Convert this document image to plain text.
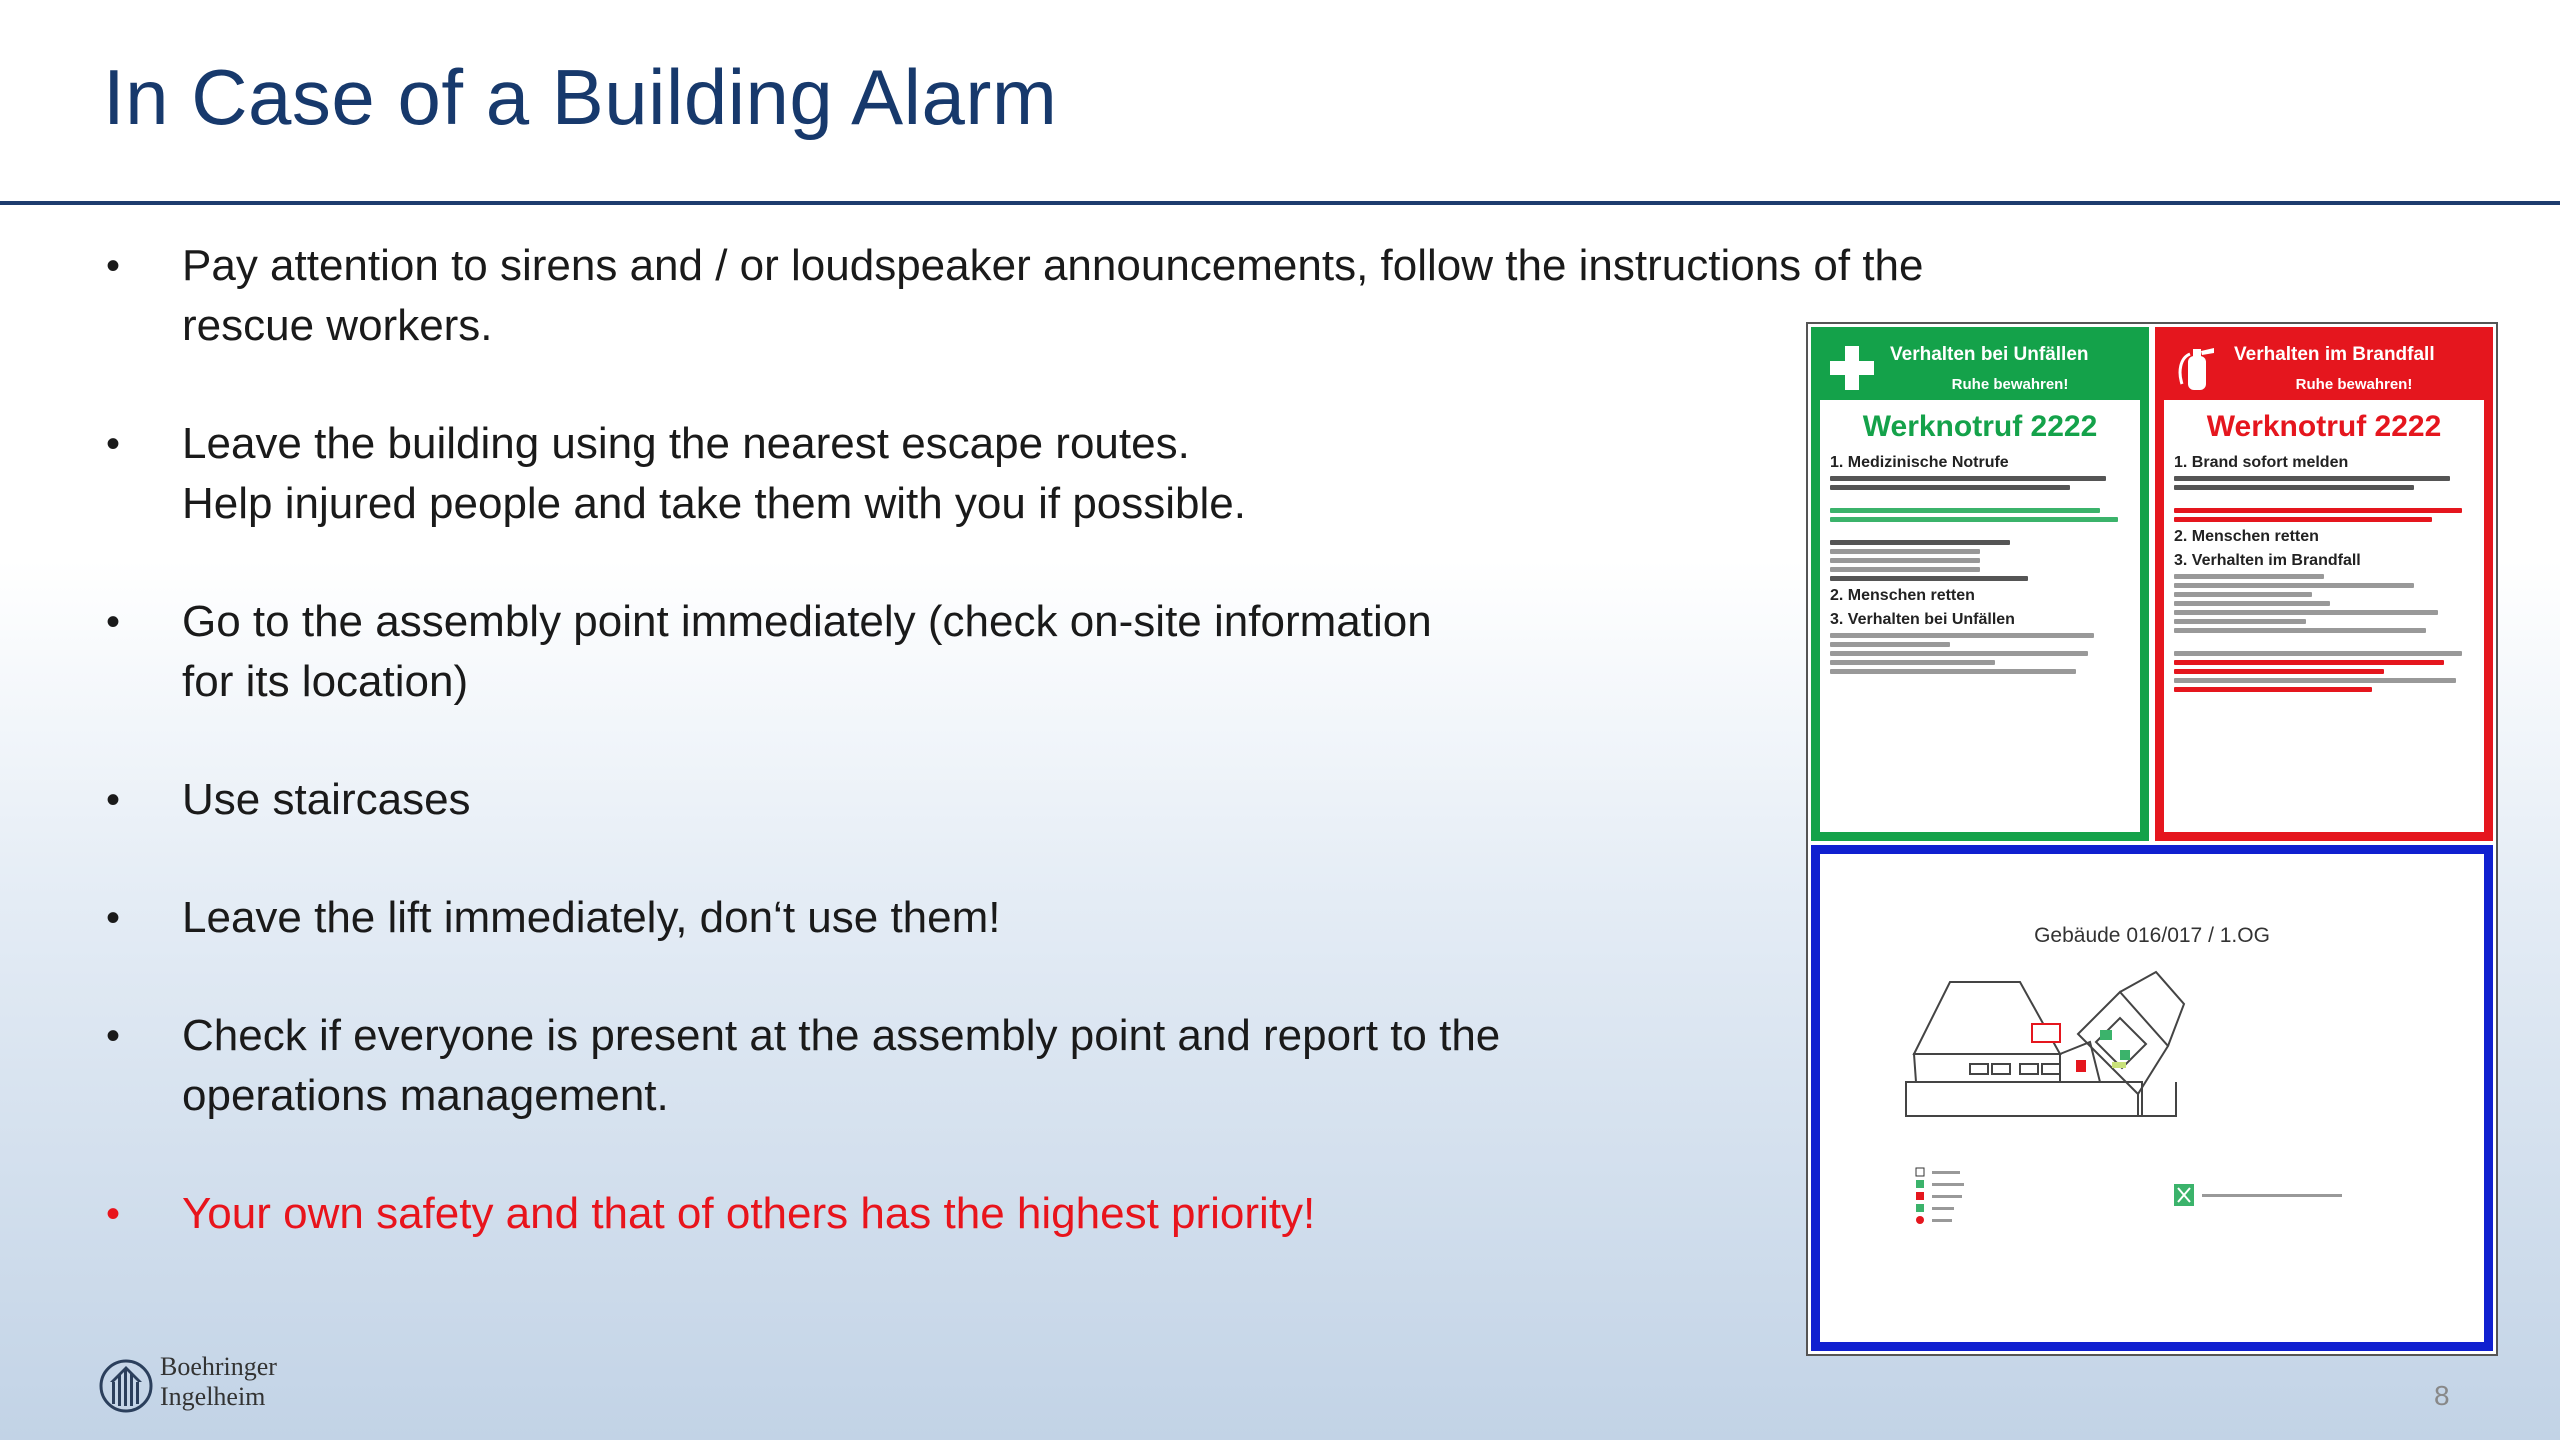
In Case of a Building Alarm
• Pay attention to sirens and / or loudspeaker announcements, follow the instructions of the
rescue workers.
• Leave the building using the nearest escape routes.
Help injured people and take them with you if possible.
• Go to the assembly point immediately (check on-site information
for its location)
• Use staircases
• Leave the lift immediately, don‘t use them!
• Check if everyone is present at the assembly point and report to the
operations management.
• Your own safety and that of others has the highest priority!
Verhalten bei Unfällen
Ruhe bewahren!
Werknotruf 2222
1. Medizinische Notrufe
2. Menschen retten
3. Verhalten bei Unfällen
Verhalten im Brandfall
Ruhe bewahren!
Werknotruf 2222
1. Brand sofort melden
2. Menschen retten
3. Verhalten im Brandfall
Gebäude 016/017 / 1.OG
Boehringer
Ingelheim	8
